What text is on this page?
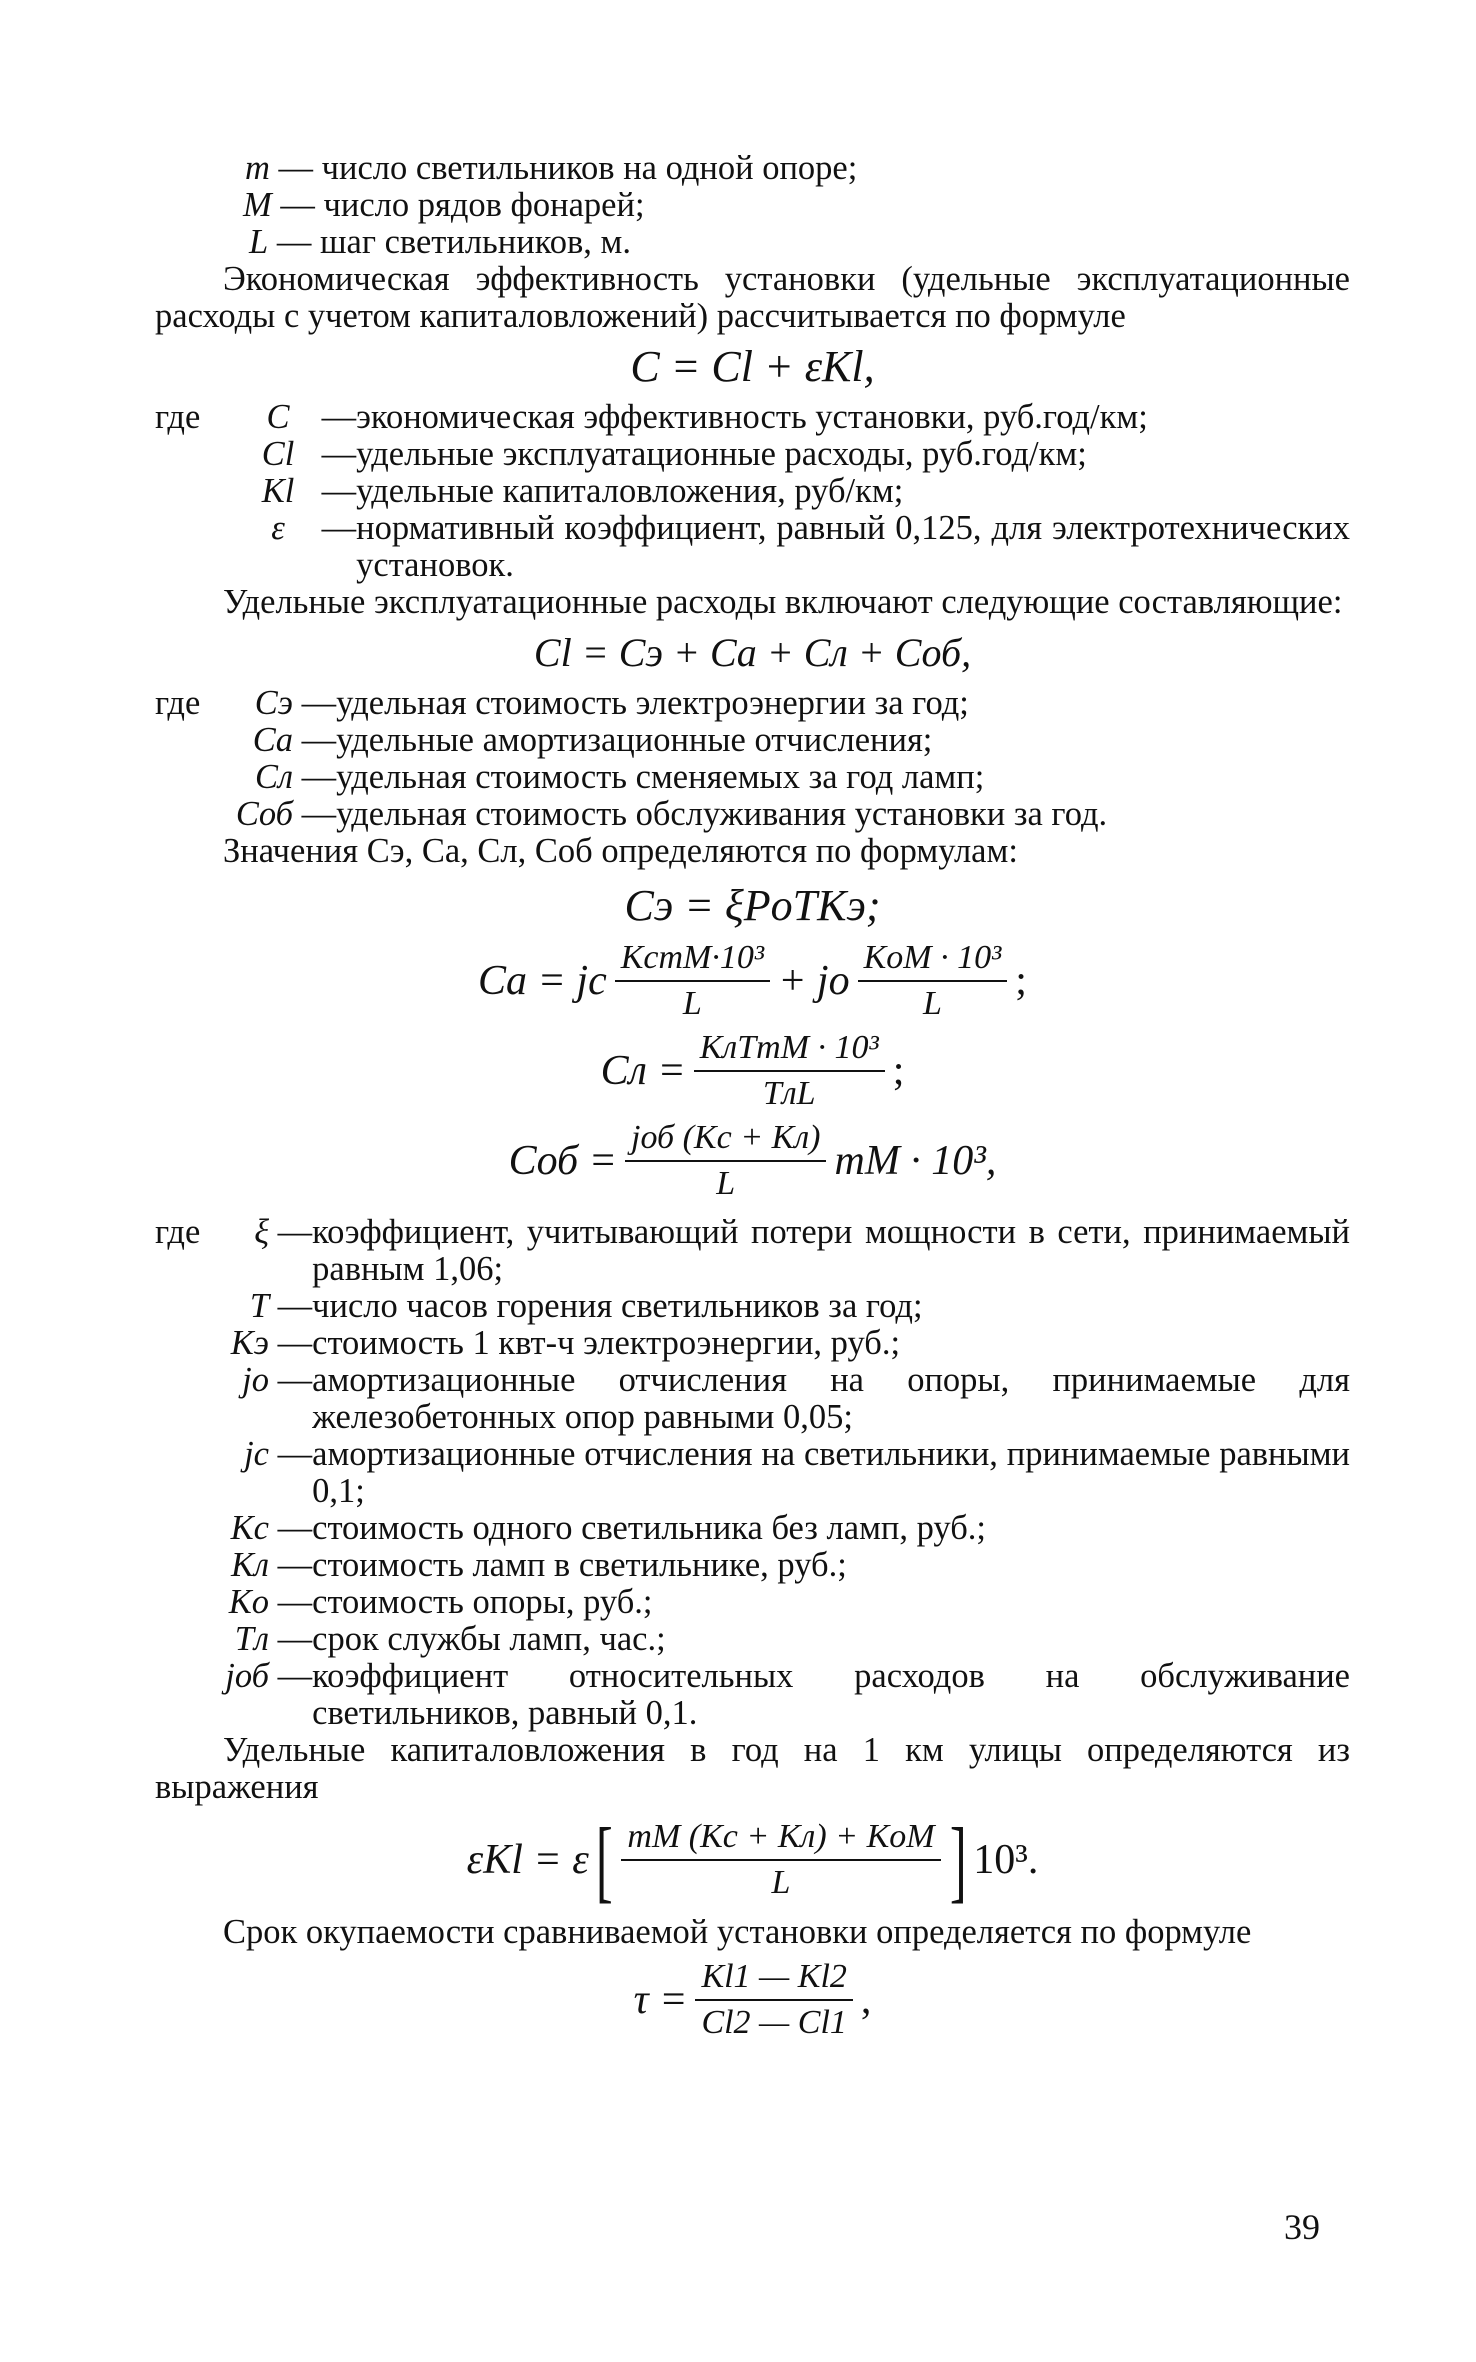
m — число светильников на одной опоре;
M — число рядов фонарей;
L — шаг светильников, м.

Экономическая эффективность установки (удельные эксплуатационные расходы с учетом капиталовложений) рассчитывается по формуле

C = Cl + εKl,
где C — экономическая эффективность установки, руб.год/км;
Cl — удельные эксплуатационные расходы, руб.год/км;
Kl — удельные капиталовложения, руб/км;
ε — нормативный коэффициент, равный 0,125, для электротехнических установок.

Удельные эксплуатационные расходы включают следующие составляющие:

Cl = Cэ + Ca + Cл + Cоб,
где Cэ — удельная стоимость электроэнергии за год;
Ca — удельные амортизационные отчисления;
Cл — удельная стоимость сменяемых за год ламп;
Cоб — удельная стоимость обслуживания установки за год.

Значения Cэ, Ca, Cл, Cоб определяются по формулам:

Cэ = ξPoTKэ;
Ca = jc $\frac{\text{KcmM·10³}}{L}$ + jo $\frac{\text{KoM · 10³}}{L}$ ;
Cл = $\frac{\text{KлTmM · 10³}}{\text{TлL}}$ ;
Cоб = $\frac{\text{jоб (Kc + Kл)}}{L}$ mM · 10³,
где ξ — коэффициент, учитывающий потери мощности в сети, принимаемый равным 1,06;
T — число часов горения светильников за год;
Kэ — стоимость 1 квт-ч электроэнергии, руб.;
jo — амортизационные отчисления на опоры, принимаемые для железобетонных опор равными 0,05;
jc — амортизационные отчисления на светильники, принимаемые равными 0,1;
Kc — стоимость одного светильника без ламп, руб.;
Kл — стоимость ламп в светильнике, руб.;
Ko — стоимость опоры, руб.;
Tл — срок службы ламп, час.;
jоб — коэффициент относительных расходов на обслуживание светильников, равный 0,1.

Удельные капиталовложения в год на 1 км улицы определяются из выражения

εKl = ε [ $\frac{\text{mM (Kc + Kл) + KoM}}{L}$ ] 10³.

Срок окупаемости сравниваемой установки определяется по формуле

$\tau = \frac{Kl1 — Kl2}{Cl2 — Cl1}$ ,
39
